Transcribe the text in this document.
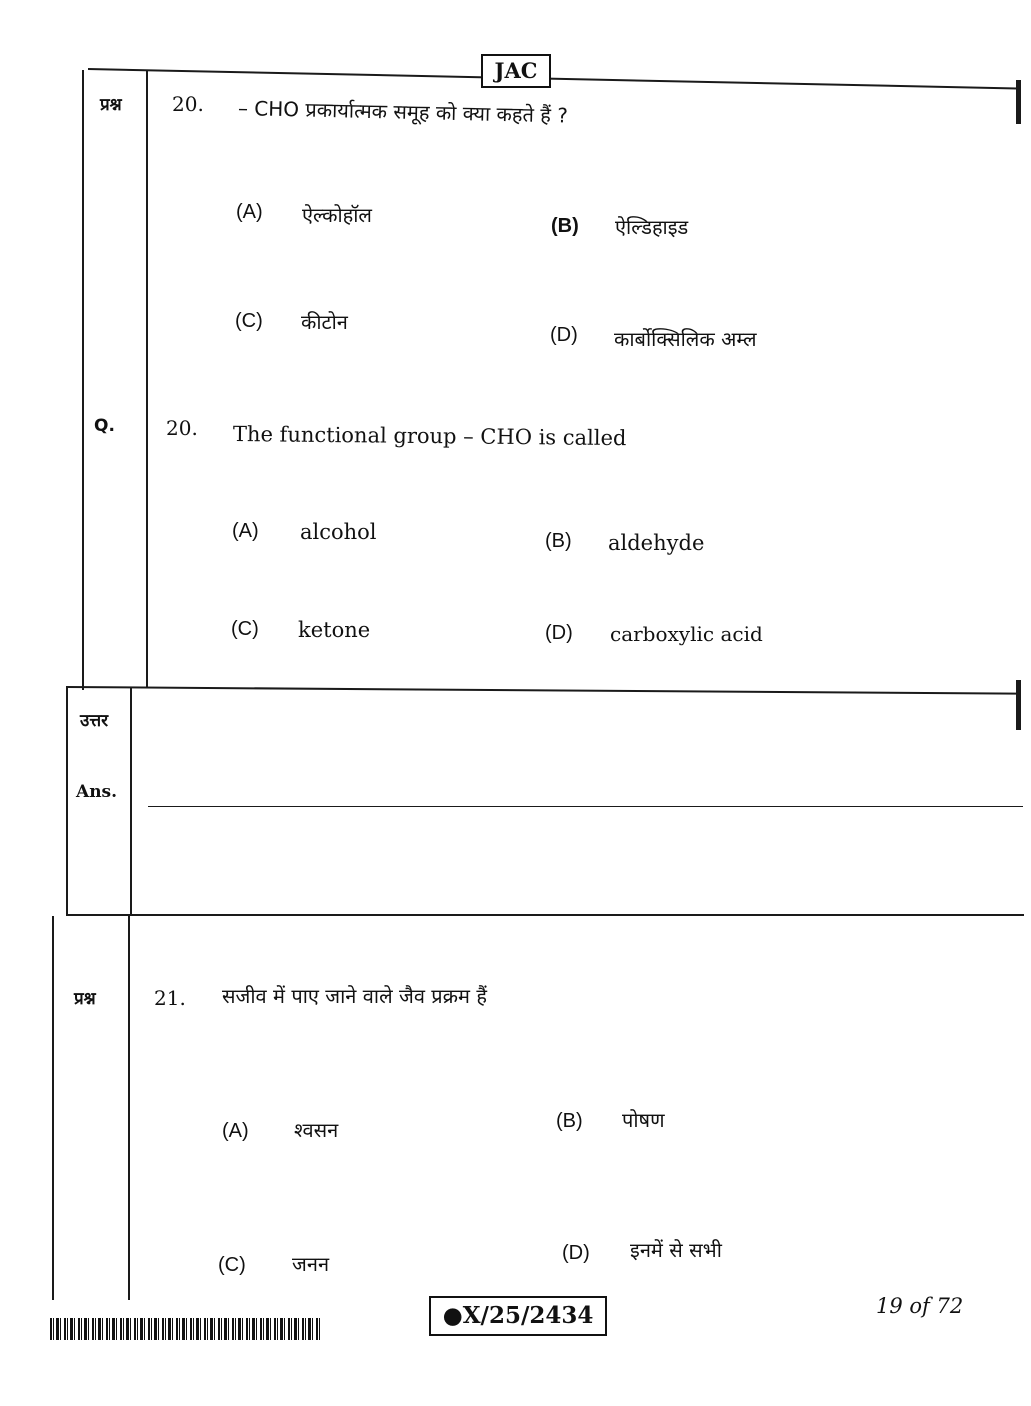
JAC
प्रश्न	20. – CHO प्रकार्यात्मक समूह को क्या कहते हैं ?
(A) ऐल्कोहॉल	(B) ऐल्डिहाइड
(C) कीटोन
(D) कार्बोक्सिलिक अम्ल
Q.	20. The functional group – CHO is called
(A) alcohol	(B) aldehyde
(C) ketone	(D) carboxylic acid
उत्तर
Ans.
प्रश्न	21. सजीव में पाए जाने वाले जैव प्रक्रम हैं
(A) श्वसन	(B) पोषण
(C) जनन	(D) इनमें से सभी
●X/25/2434	19 of 72
